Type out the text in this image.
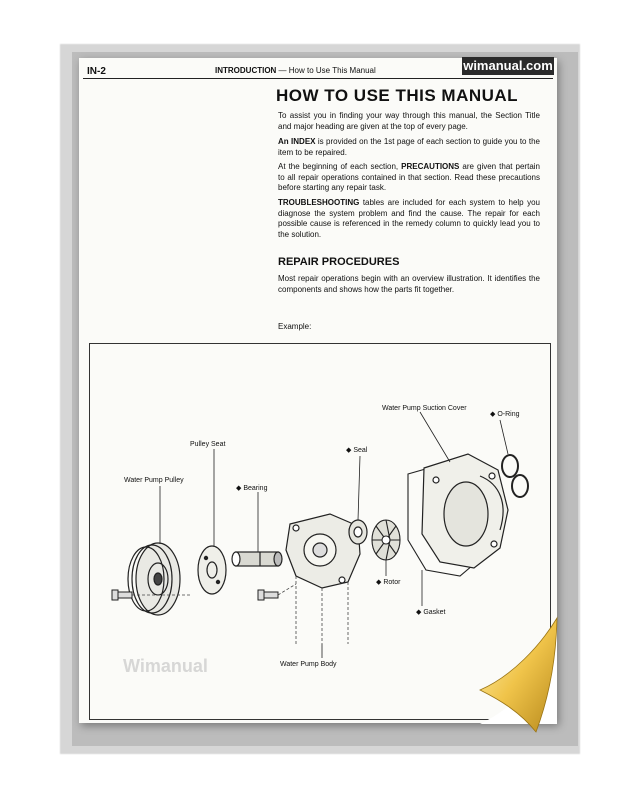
IN-2	INTRODUCTION — How to Use This Manual
HOW TO USE THIS MANUAL
To assist you in finding your way through this manual, the Section Title and major heading are given at the top of every page.
An INDEX is provided on the 1st page of each section to guide you to the item to be repaired.
At the beginning of each section, PRECAUTIONS are given that pertain to all repair operations contained in that section. Read these precautions before starting any repair task.
TROUBLESHOOTING tables are included for each system to help you diagnose the system problem and find the cause. The repair for each possible cause is referenced in the remedy column to quickly lead you to the solution.
REPAIR PROCEDURES
Most repair operations begin with an overview illustration. It identifies the components and shows how the parts fit together.
Example:
Water Pump Suction Cover
◆ O-Ring
◆ Seal
Pulley Seat
Water Pump Pulley
◆ Bearing
◆ Rotor
◆ Gasket
Water Pump Body
Wimanual
wimanual.com
